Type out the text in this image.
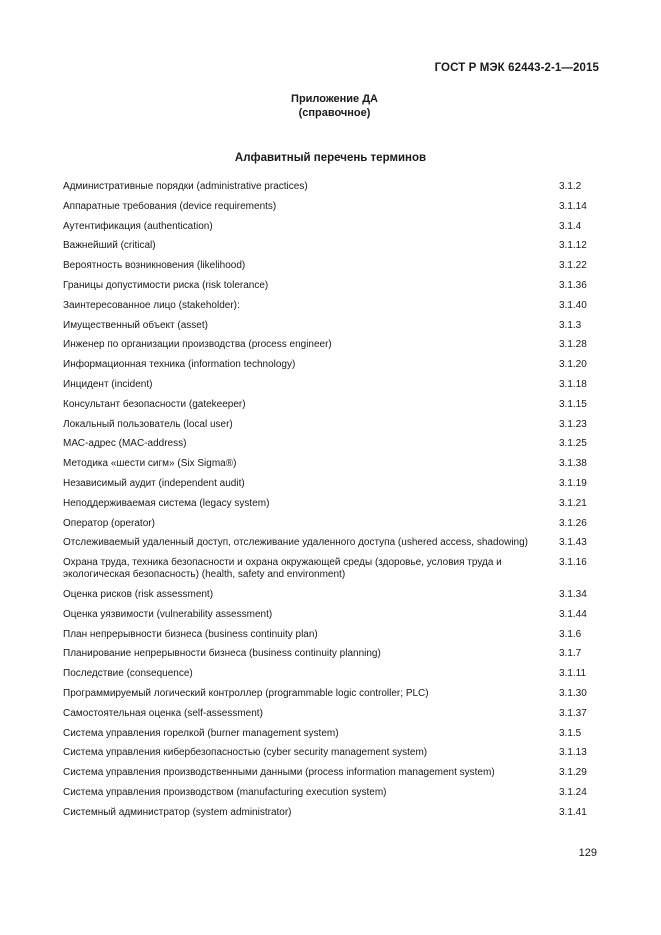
ГОСТ Р МЭК 62443-2-1—2015
Приложение ДА
(справочное)
Алфавитный перечень терминов
Административные порядки (administrative practices)	3.1.2
Аппаратные требования (device requirements)	3.1.14
Аутентификация (authentication)	3.1.4
Важнейший (critical)	3.1.12
Вероятность возникновения (likelihood)	3.1.22
Границы допустимости риска (risk tolerance)	3.1.36
Заинтересованное лицо (stakeholder):	3.1.40
Имущественный объект (asset)	3.1.3
Инженер по организации производства (process engineer)	3.1.28
Информационная техника (information technology)	3.1.20
Инцидент (incident)	3.1.18
Консультант безопасности (gatekeeper)	3.1.15
Локальный пользователь (local user)	3.1.23
МАС-адрес (MAC-address)	3.1.25
Методика «шести сигм» (Six Sigma®)	3.1.38
Независимый аудит (independent audit)	3.1.19
Неподдерживаемая система (legacy system)	3.1.21
Оператор (operator)	3.1.26
Отслеживаемый удаленный доступ, отслеживание удаленного доступа (ushered access, shadowing)	3.1.43
Охрана труда, техника безопасности и охрана окружающей среды (здоровье, условия труда и экологическая безопасность) (health, safety and environment)
3.1.16
Оценка рисков (risk assessment)	3.1.34
Оценка уязвимости (vulnerability assessment)	3.1.44
План непрерывности бизнеса (business continuity plan)	3.1.6
Планирование непрерывности бизнеса (business continuity planning)	3.1.7
Последствие (consequence)	3.1.11
Программируемый логический контроллер (programmable logic controller; PLC)	3.1.30
Самостоятельная оценка (self-assessment)	3.1.37
Система управления горелкой (burner management system)	3.1.5
Система управления кибербезопасностью (cyber security management system)	3.1.13
Система управления производственными данными (process information management system)	3.1.29
Система управления производством (manufacturing execution system)	3.1.24
Системный администратор (system administrator)	3.1.41
129
